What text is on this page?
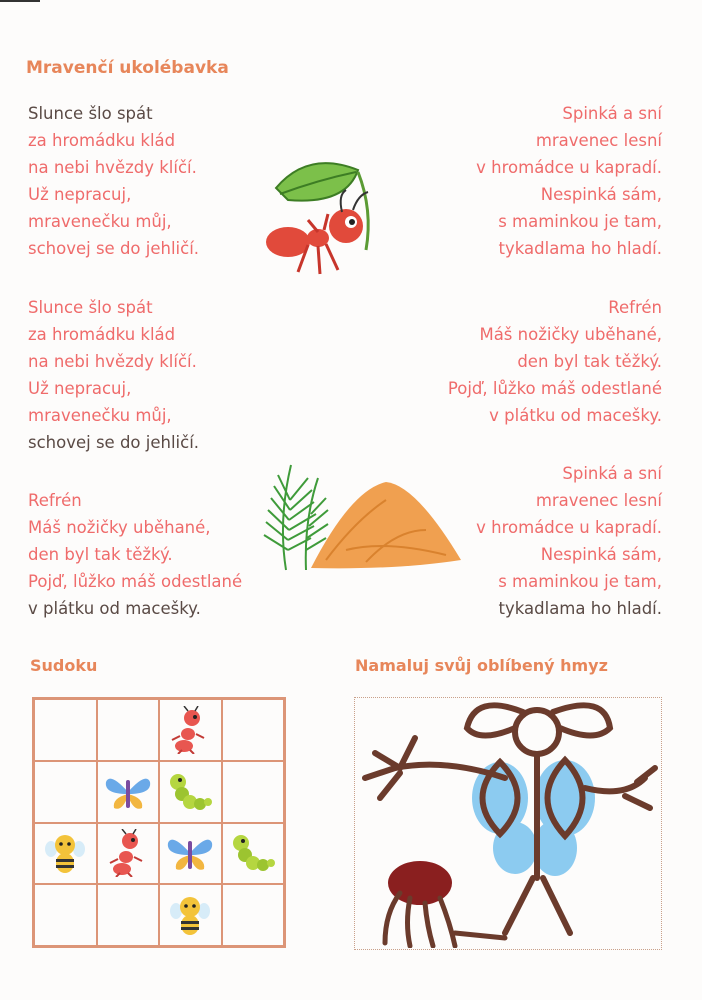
Mravenčí ukolébavka
Slunce šlo spát
za hromádku klád
na nebi hvězdy klíčí.
Už nepracuj,
mravenečku můj,
schovej se do jehličí.
Spinká a sní
mravenec lesní
v hromádce u kapradí.
Nespinká sám,
s maminkou je tam,
tykadlama ho hladí.
Slunce šlo spát
za hromádku klád
na nebi hvězdy klíčí.
Už nepracuj,
mravenečku můj,
schovej se do jehličí.
Refrén
Máš nožičky uběhané,
den byl tak těžký.
Pojď, lůžko máš odestlané
v plátku od macešky.
Spinká a sní
mravenec lesní
v hromádce u kapradí.
Nespinká sám,
s maminkou je tam,
tykadlama ho hladí.
Refrén
Máš nožičky uběhané,
den byl tak těžký.
Pojď, lůžko máš odestlané
v plátku od macešky.
Sudoku	Namaluj svůj oblíbený hmyz
